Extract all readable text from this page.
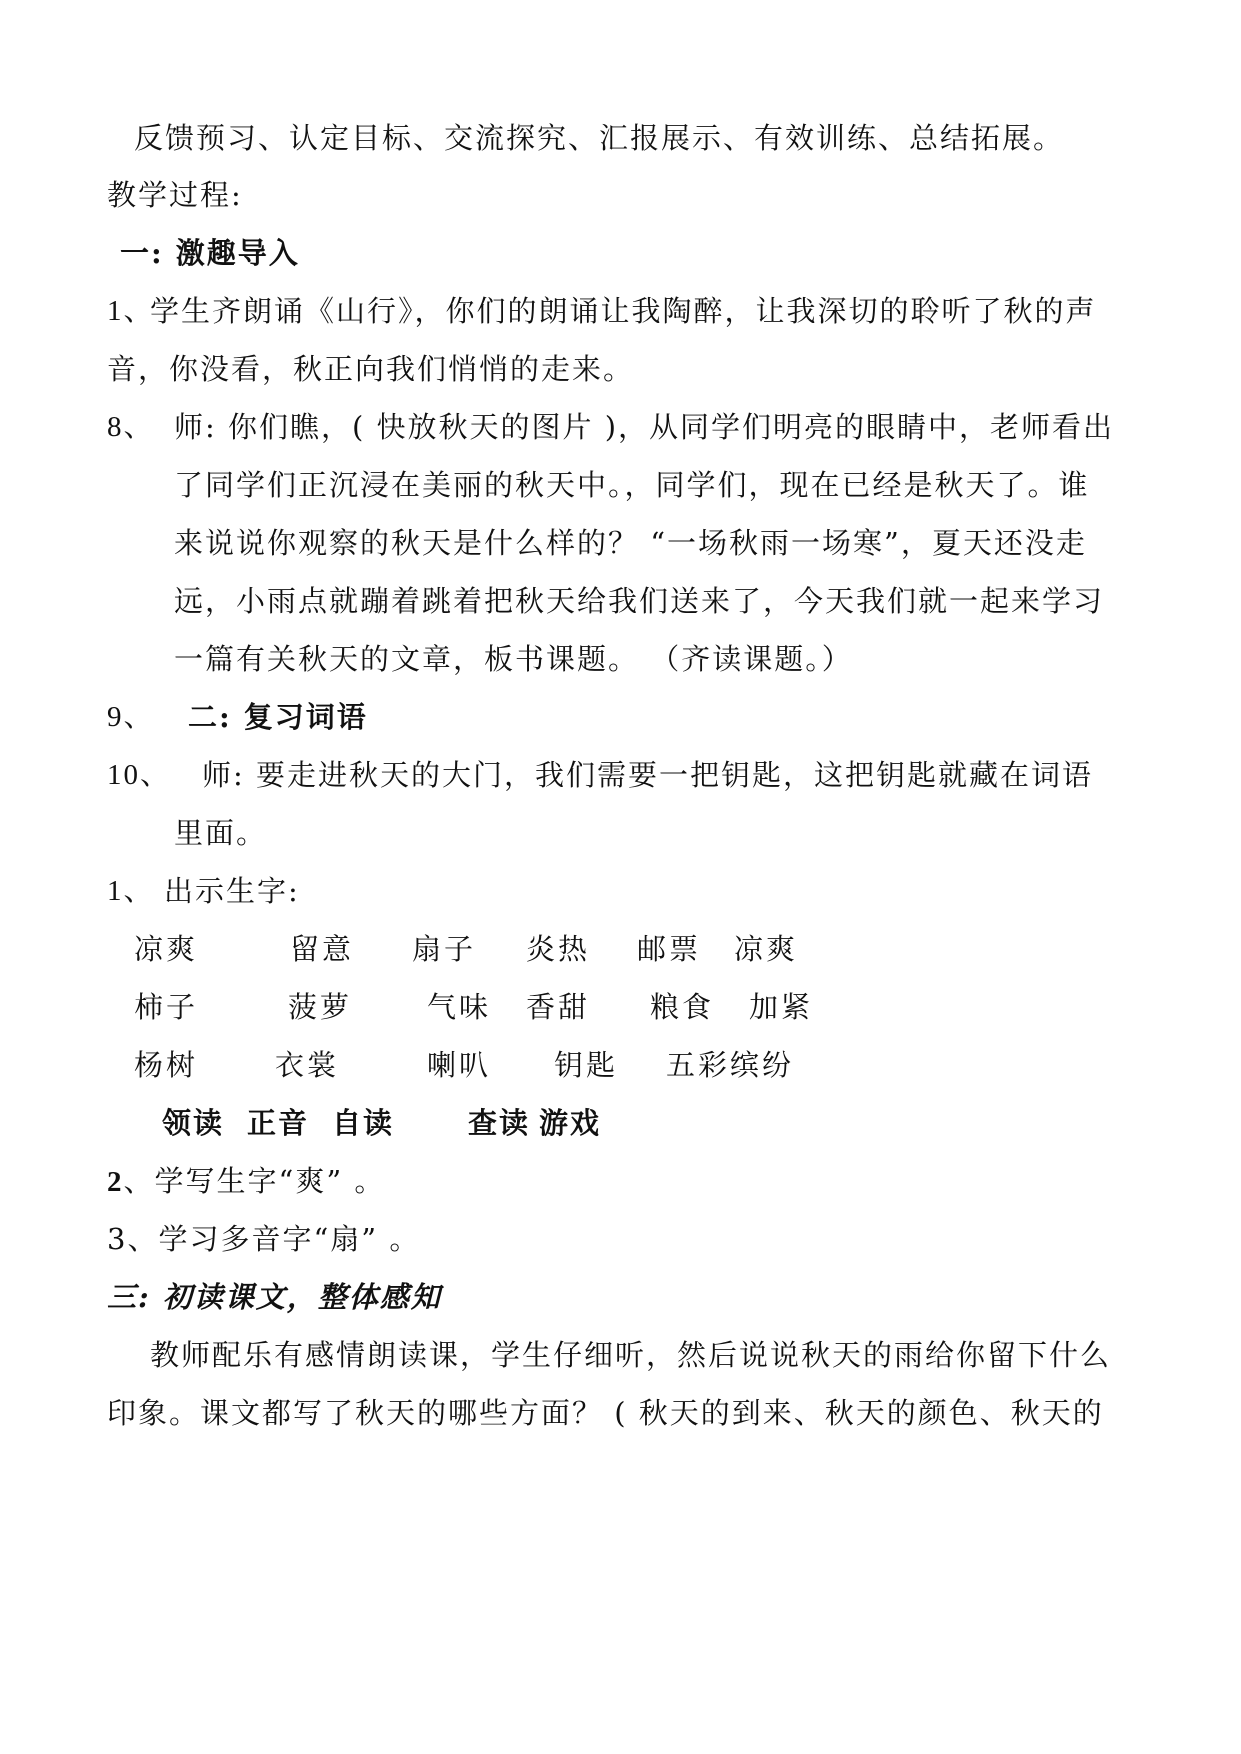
反馈预习、认定目标、交流探究、汇报展示、有效训练、总结拓展。
教学过程:
一: 激趣导入
1、
学生齐朗诵《山行》，你们的朗诵让我陶醉，让我深切的聆听了秋的声
音，你没看，秋正向我们悄悄的走来。
8、 师: 你们瞧，( 快放秋天的图片 )，从同学们明亮的眼睛中，老师看出
了同学们正沉浸在美丽的秋天中。，同学们，现在已经是秋天了。谁
来说说你观察的秋天是什么样的？ “一场秋雨一场寒”，夏天还没走
远，小雨点就蹦着跳着把秋天给我们送来了，今天我们就一起来学习
一篇有关秋天的文章，板书课题。 （齐读课题。）
9、 二: 复习词语
10、 师: 要走进秋天的大门，我们需要一把钥匙，这把钥匙就藏在词语
里面。
1、 出示生字:
凉爽	留意 扇子 炎热 邮票 凉爽
柿子	菠萝	气味 香甜 粮食 加紧
杨树	衣裳	喇叭 钥匙 五彩缤纷
领读 正音 自读	查读 游戏
2、学写生字“爽” 。
3、学习多音字“扇” 。
三: 初读课文，整体感知
教师配乐有感情朗读课，学生仔细听，然后说说秋天的雨给你留下什么
印象。课文都写了秋天的哪些方面？ ( 秋天的到来、秋天的颜色、秋天的
